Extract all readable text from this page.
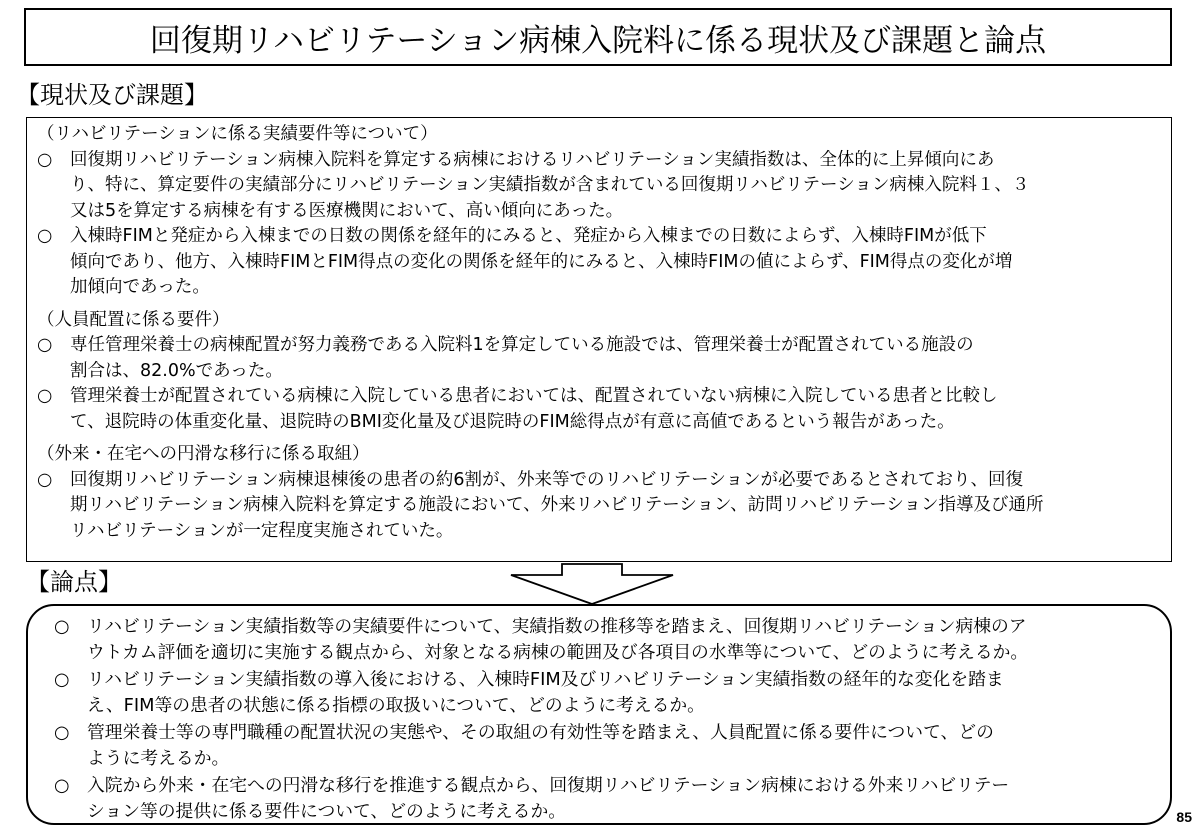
回復期リハビリテーション病棟入院料に係る現状及び課題と論点
【現状及び課題】
（リハビリテーションに係る実績要件等について）
○	回復期リハビリテーション病棟入院料を算定する病棟におけるリハビリテーション実績指数は、全体的に上昇傾向にあ
り、特に、算定要件の実績部分にリハビリテーション実績指数が含まれている回復期リハビリテーション病棟入院料１、３
又は5を算定する病棟を有する医療機関において、高い傾向にあった。
○	入棟時FIMと発症から入棟までの日数の関係を経年的にみると、発症から入棟までの日数によらず、入棟時FIMが低下
傾向であり、他方、入棟時FIMとFIM得点の変化の関係を経年的にみると、入棟時FIMの値によらず、FIM得点の変化が増
加傾向であった。
（人員配置に係る要件）
○	専任管理栄養士の病棟配置が努力義務である入院料1を算定している施設では、管理栄養士が配置されている施設の
割合は、82.0%であった。
○	管理栄養士が配置されている病棟に入院している患者においては、配置されていない病棟に入院している患者と比較し
て、退院時の体重変化量、退院時のBMI変化量及び退院時のFIM総得点が有意に高値であるという報告があった。
（外来・在宅への円滑な移行に係る取組）
○	回復期リハビリテーション病棟退棟後の患者の約6割が、外来等でのリハビリテーションが必要であるとされており、回復
期リハビリテーション病棟入院料を算定する施設において、外来リハビリテーション、訪問リハビリテーション指導及び通所
リハビリテーションが一定程度実施されていた。
【論点】
○ リハビリテーション実績指数等の実績要件について、実績指数の推移等を踏まえ、回復期リハビリテーション病棟のア
ウトカム評価を適切に実施する観点から、対象となる病棟の範囲及び各項目の水準等について、どのように考えるか。
○ リハビリテーション実績指数の導入後における、入棟時FIM及びリハビリテーション実績指数の経年的な変化を踏ま
え、FIM等の患者の状態に係る指標の取扱いについて、どのように考えるか。
○ 管理栄養士等の専門職種の配置状況の実態や、その取組の有効性等を踏まえ、人員配置に係る要件について、どの
ように考えるか。
○ 入院から外来・在宅への円滑な移行を推進する観点から、回復期リハビリテーション病棟における外来リハビリテー
ション等の提供に係る要件について、どのように考えるか。	85
